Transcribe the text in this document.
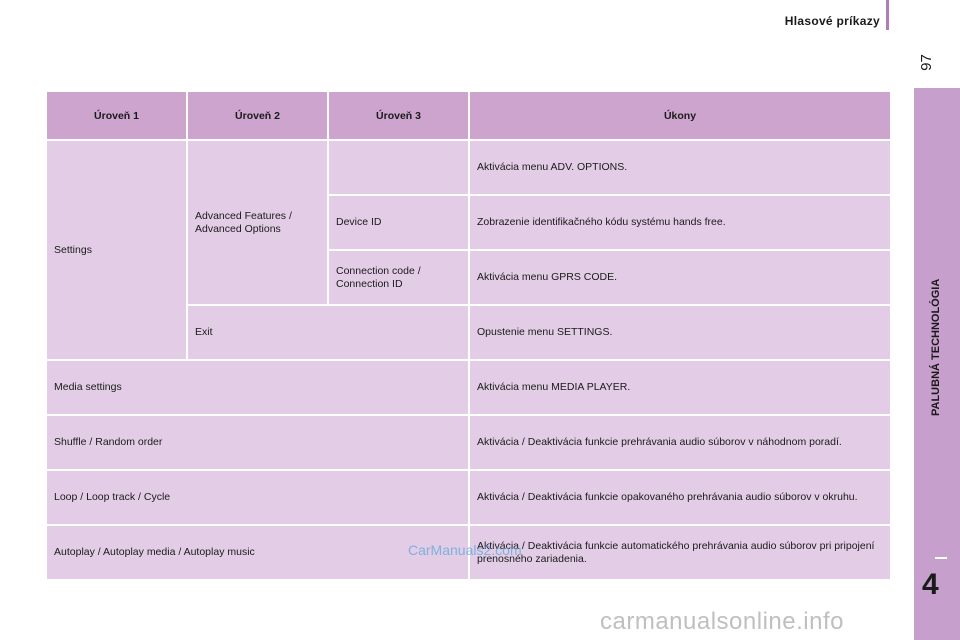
Hlasové príkazy
97
PALUBNÁ TECHNOLÓGIA
4
Úroveň 1	Úroveň 2	Úroveň 3	Úkony
Settings	Advanced Features / Advanced Options		Aktivácia menu ADV. OPTIONS.
		Device ID	Zobrazenie identifikačného kódu systému hands free.
		Connection code / Connection ID	Aktivácia menu GPRS CODE.
	Exit		Opustenie menu SETTINGS.
Media settings			Aktivácia menu MEDIA PLAYER.
Shuffle / Random order			Aktivácia / Deaktivácia funkcie prehrávania audio súborov v náhodnom poradí.
Loop / Loop track / Cycle			Aktivácia / Deaktivácia funkcie opakovaného prehrávania audio súborov v okruhu.
Autoplay / Autoplay media / Autoplay music			Aktivácia / Deaktivácia funkcie automatického prehrávania audio súborov pri pripojení prenosného zariadenia.
CarManuals2.com
carmanualsonline.info
